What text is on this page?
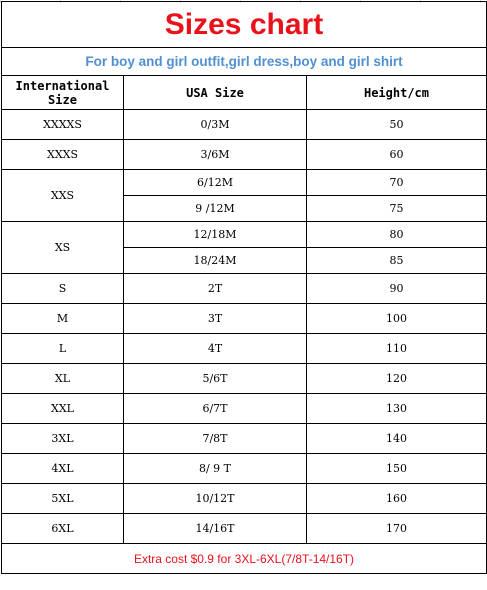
Sizes chart		
For boy and girl outfit,girl dress,boy and girl shirt		
International Size	USA Size	Height/cm
XXXXS	0/3M	50
XXXS	3/6M	60
XXS	6/12M	70
	9 /12M	75
XS	12/18M	80
	18/24M	85
S	2T	90
M	3T	100
L	4T	110
XL	5/6T	120
XXL	6/7T	130
3XL	7/8T	140
4XL	8/ 9 T	150
5XL	10/12T	160
6XL	14/16T	170
Extra cost $0.9 for 3XL-6XL(7/8T-14/16T)		
